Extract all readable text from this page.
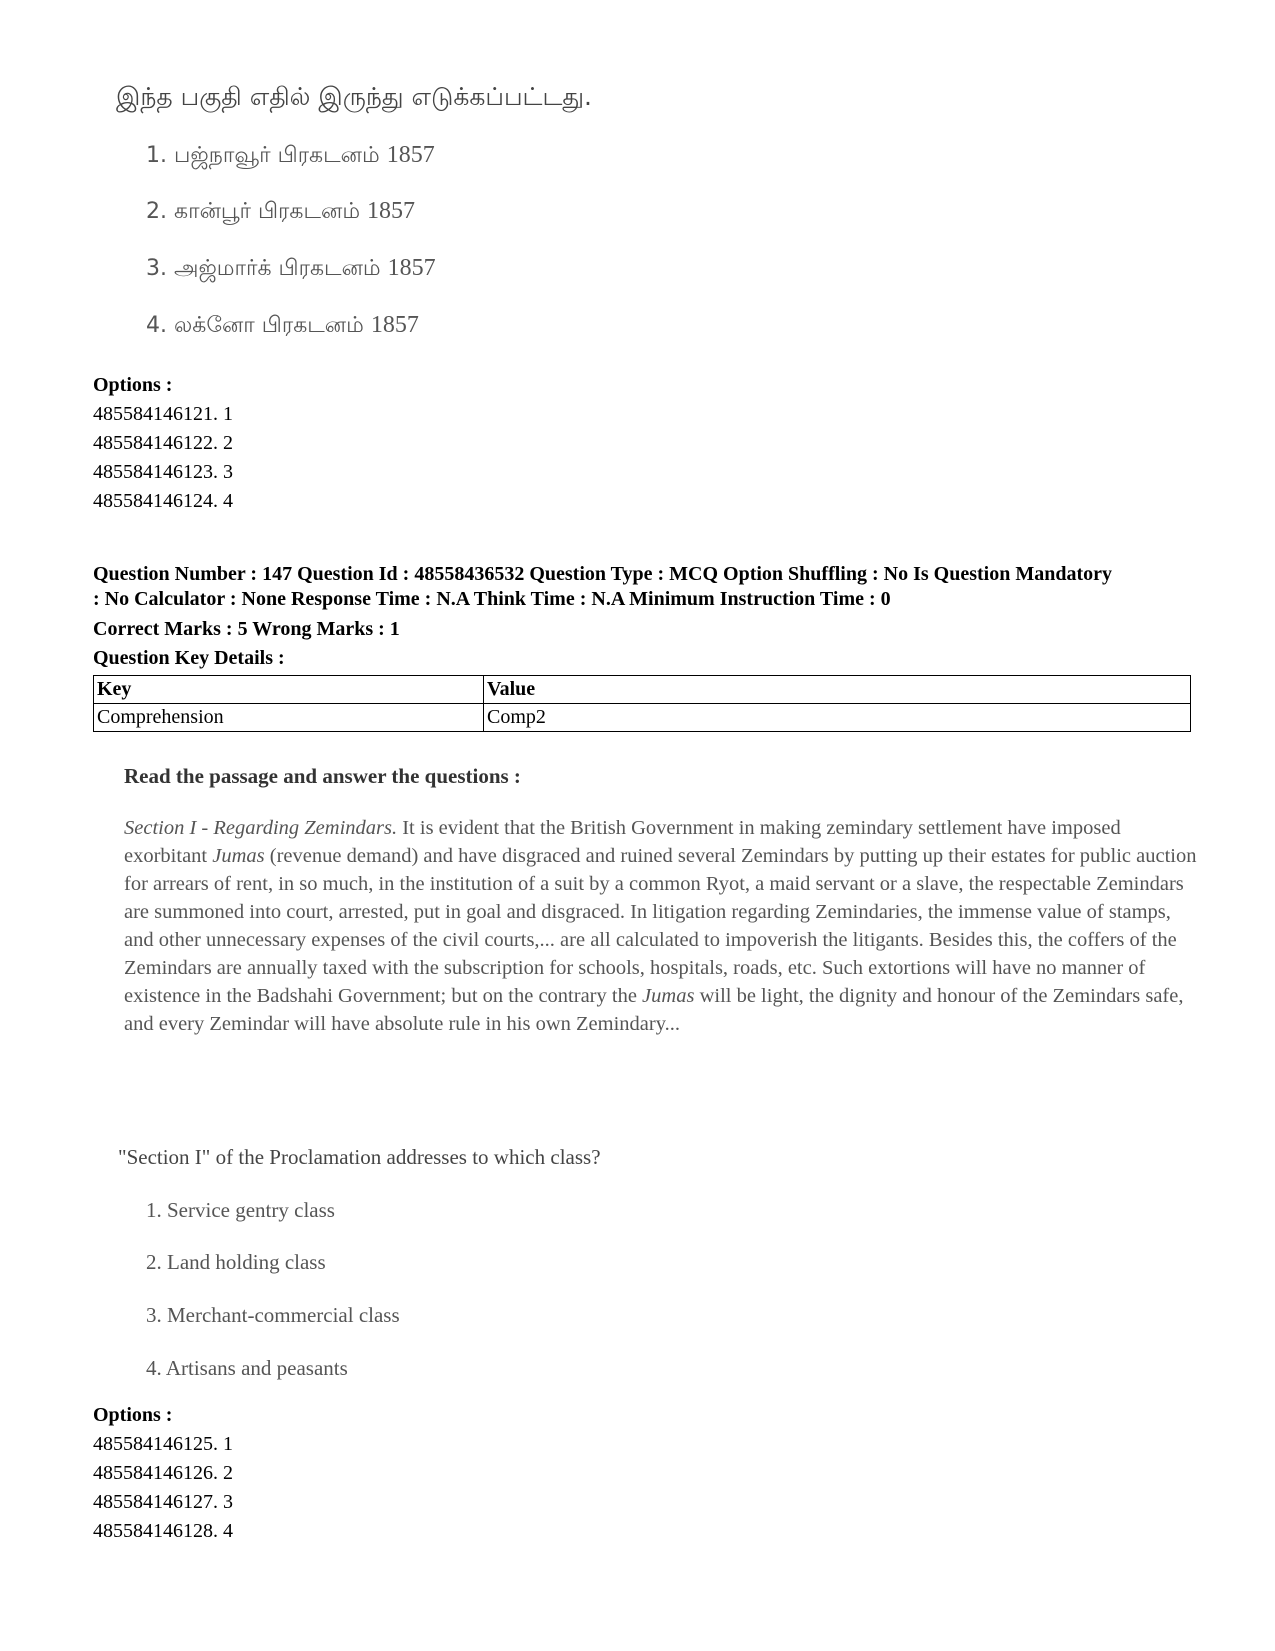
இந்த பகுதி எதில் இருந்து எடுக்கப்பட்டது.
1. பஜ்நாவூர் பிரகடனம் 1857
2. கான்பூர் பிரகடனம் 1857
3. அஜ்மார்க் பிரகடனம் 1857
4. லக்னோ பிரகடனம் 1857
Options :
485584146121. 1
485584146122. 2
485584146123. 3
485584146124. 4
Question Number : 147 Question Id : 48558436532 Question Type : MCQ Option Shuffling : No Is Question Mandatory
: No Calculator : None Response Time : N.A Think Time : N.A Minimum Instruction Time : 0
Correct Marks : 5 Wrong Marks : 1
Question Key Details :
Key	Value
Comprehension	Comp2
Read the passage and answer the questions :
Section I - Regarding Zemindars. It is evident that the British Government in making zemindary settlement have imposed exorbitant Jumas (revenue demand) and have disgraced and ruined several Zemindars by putting up their estates for public auction for arrears of rent, in so much, in the institution of a suit by a common Ryot, a maid servant or a slave, the respectable Zemindars are summoned into court, arrested, put in goal and disgraced. In litigation regarding Zemindaries, the immense value of stamps, and other unnecessary expenses of the civil courts,... are all calculated to impoverish the litigants. Besides this, the coffers of the Zemindars are annually taxed with the subscription for schools, hospitals, roads, etc. Such extortions will have no manner of existence in the Badshahi Government; but on the contrary the Jumas will be light, the dignity and honour of the Zemindars safe, and every Zemindar will have absolute rule in his own Zemindary...
"Section I" of the Proclamation addresses to which class?
1. Service gentry class
2. Land holding class
3. Merchant-commercial class
4. Artisans and peasants
Options :
485584146125. 1
485584146126. 2
485584146127. 3
485584146128. 4
